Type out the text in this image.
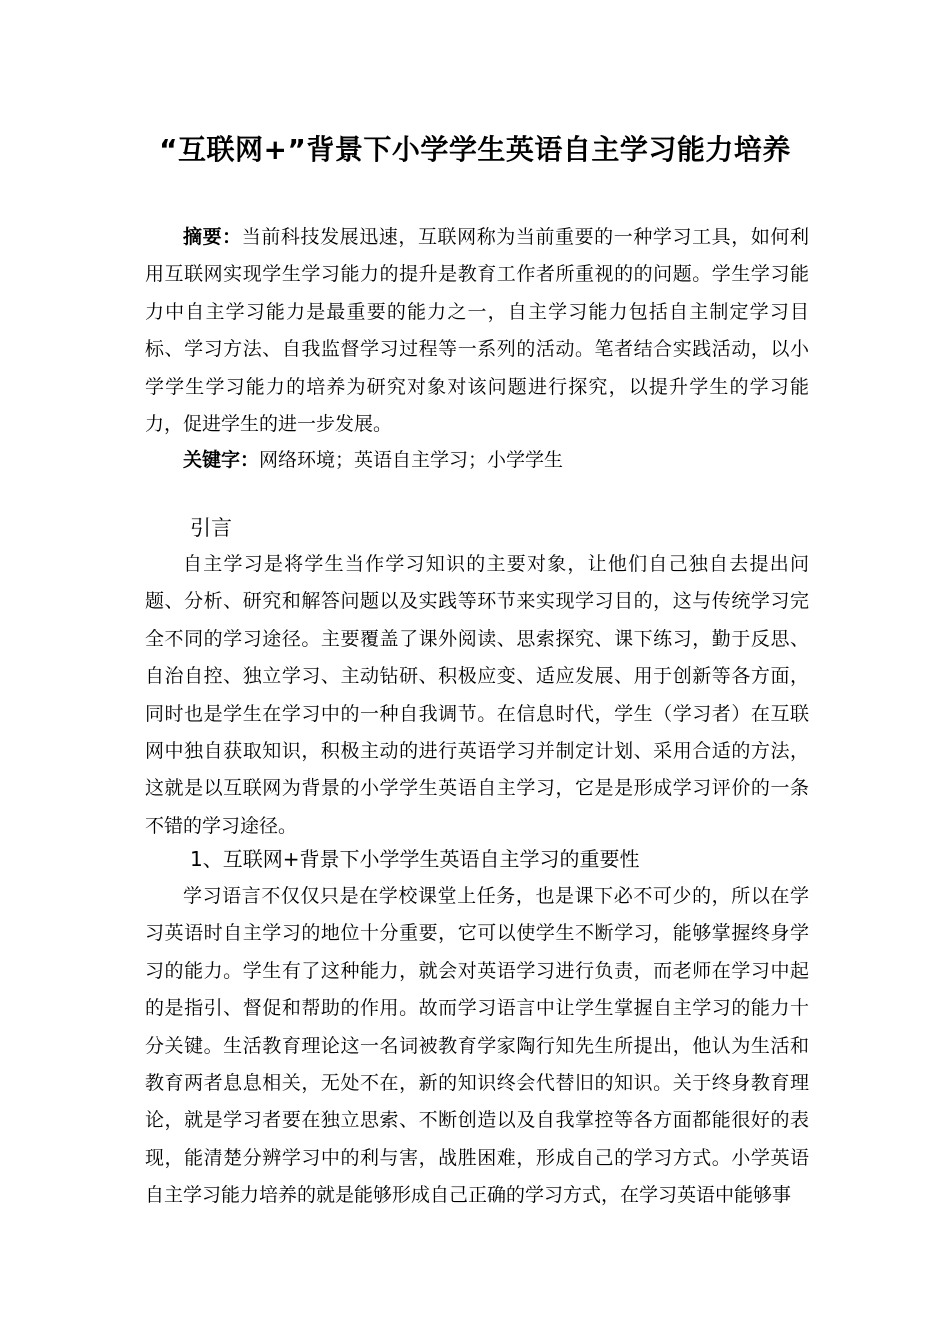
“互联网+”背景下小学学生英语自主学习能力培养
摘要：当前科技发展迅速，互联网称为当前重要的一种学习工具，如何利用互联网实现学生学习能力的提升是教育工作者所重视的的问题。学生学习能力中自主学习能力是最重要的能力之一，自主学习能力包括自主制定学习目标、学习方法、自我监督学习过程等一系列的活动。笔者结合实践活动，以小学学生学习能力的培养为研究对象对该问题进行探究，以提升学生的学习能力，促进学生的进一步发展。
关键字：网络环境；英语自主学习；小学学生
引言
自主学习是将学生当作学习知识的主要对象，让他们自己独自去提出问题、分析、研究和解答问题以及实践等环节来实现学习目的，这与传统学习完全不同的学习途径。主要覆盖了课外阅读、思索探究、课下练习，勤于反思、自治自控、独立学习、主动钻研、积极应变、适应发展、用于创新等各方面，同时也是学生在学习中的一种自我调节。在信息时代，学生（学习者）在互联网中独自获取知识，积极主动的进行英语学习并制定计划、采用合适的方法，这就是以互联网为背景的小学学生英语自主学习，它是是形成学习评价的一条不错的学习途径。
1、互联网+背景下小学学生英语自主学习的重要性
学习语言不仅仅只是在学校课堂上任务，也是课下必不可少的，所以在学习英语时自主学习的地位十分重要，它可以使学生不断学习，能够掌握终身学习的能力。学生有了这种能力，就会对英语学习进行负责，而老师在学习中起的是指引、督促和帮助的作用。故而学习语言中让学生掌握自主学习的能力十分关键。生活教育理论这一名词被教育学家陶行知先生所提出，他认为生活和教育两者息息相关，无处不在，新的知识终会代替旧的知识。关于终身教育理论，就是学习者要在独立思索、不断创造以及自我掌控等各方面都能很好的表现，能清楚分辨学习中的利与害，战胜困难，形成自己的学习方式。小学英语自主学习能力培养的就是能够形成自己正确的学习方式，在学习英语中能够事
